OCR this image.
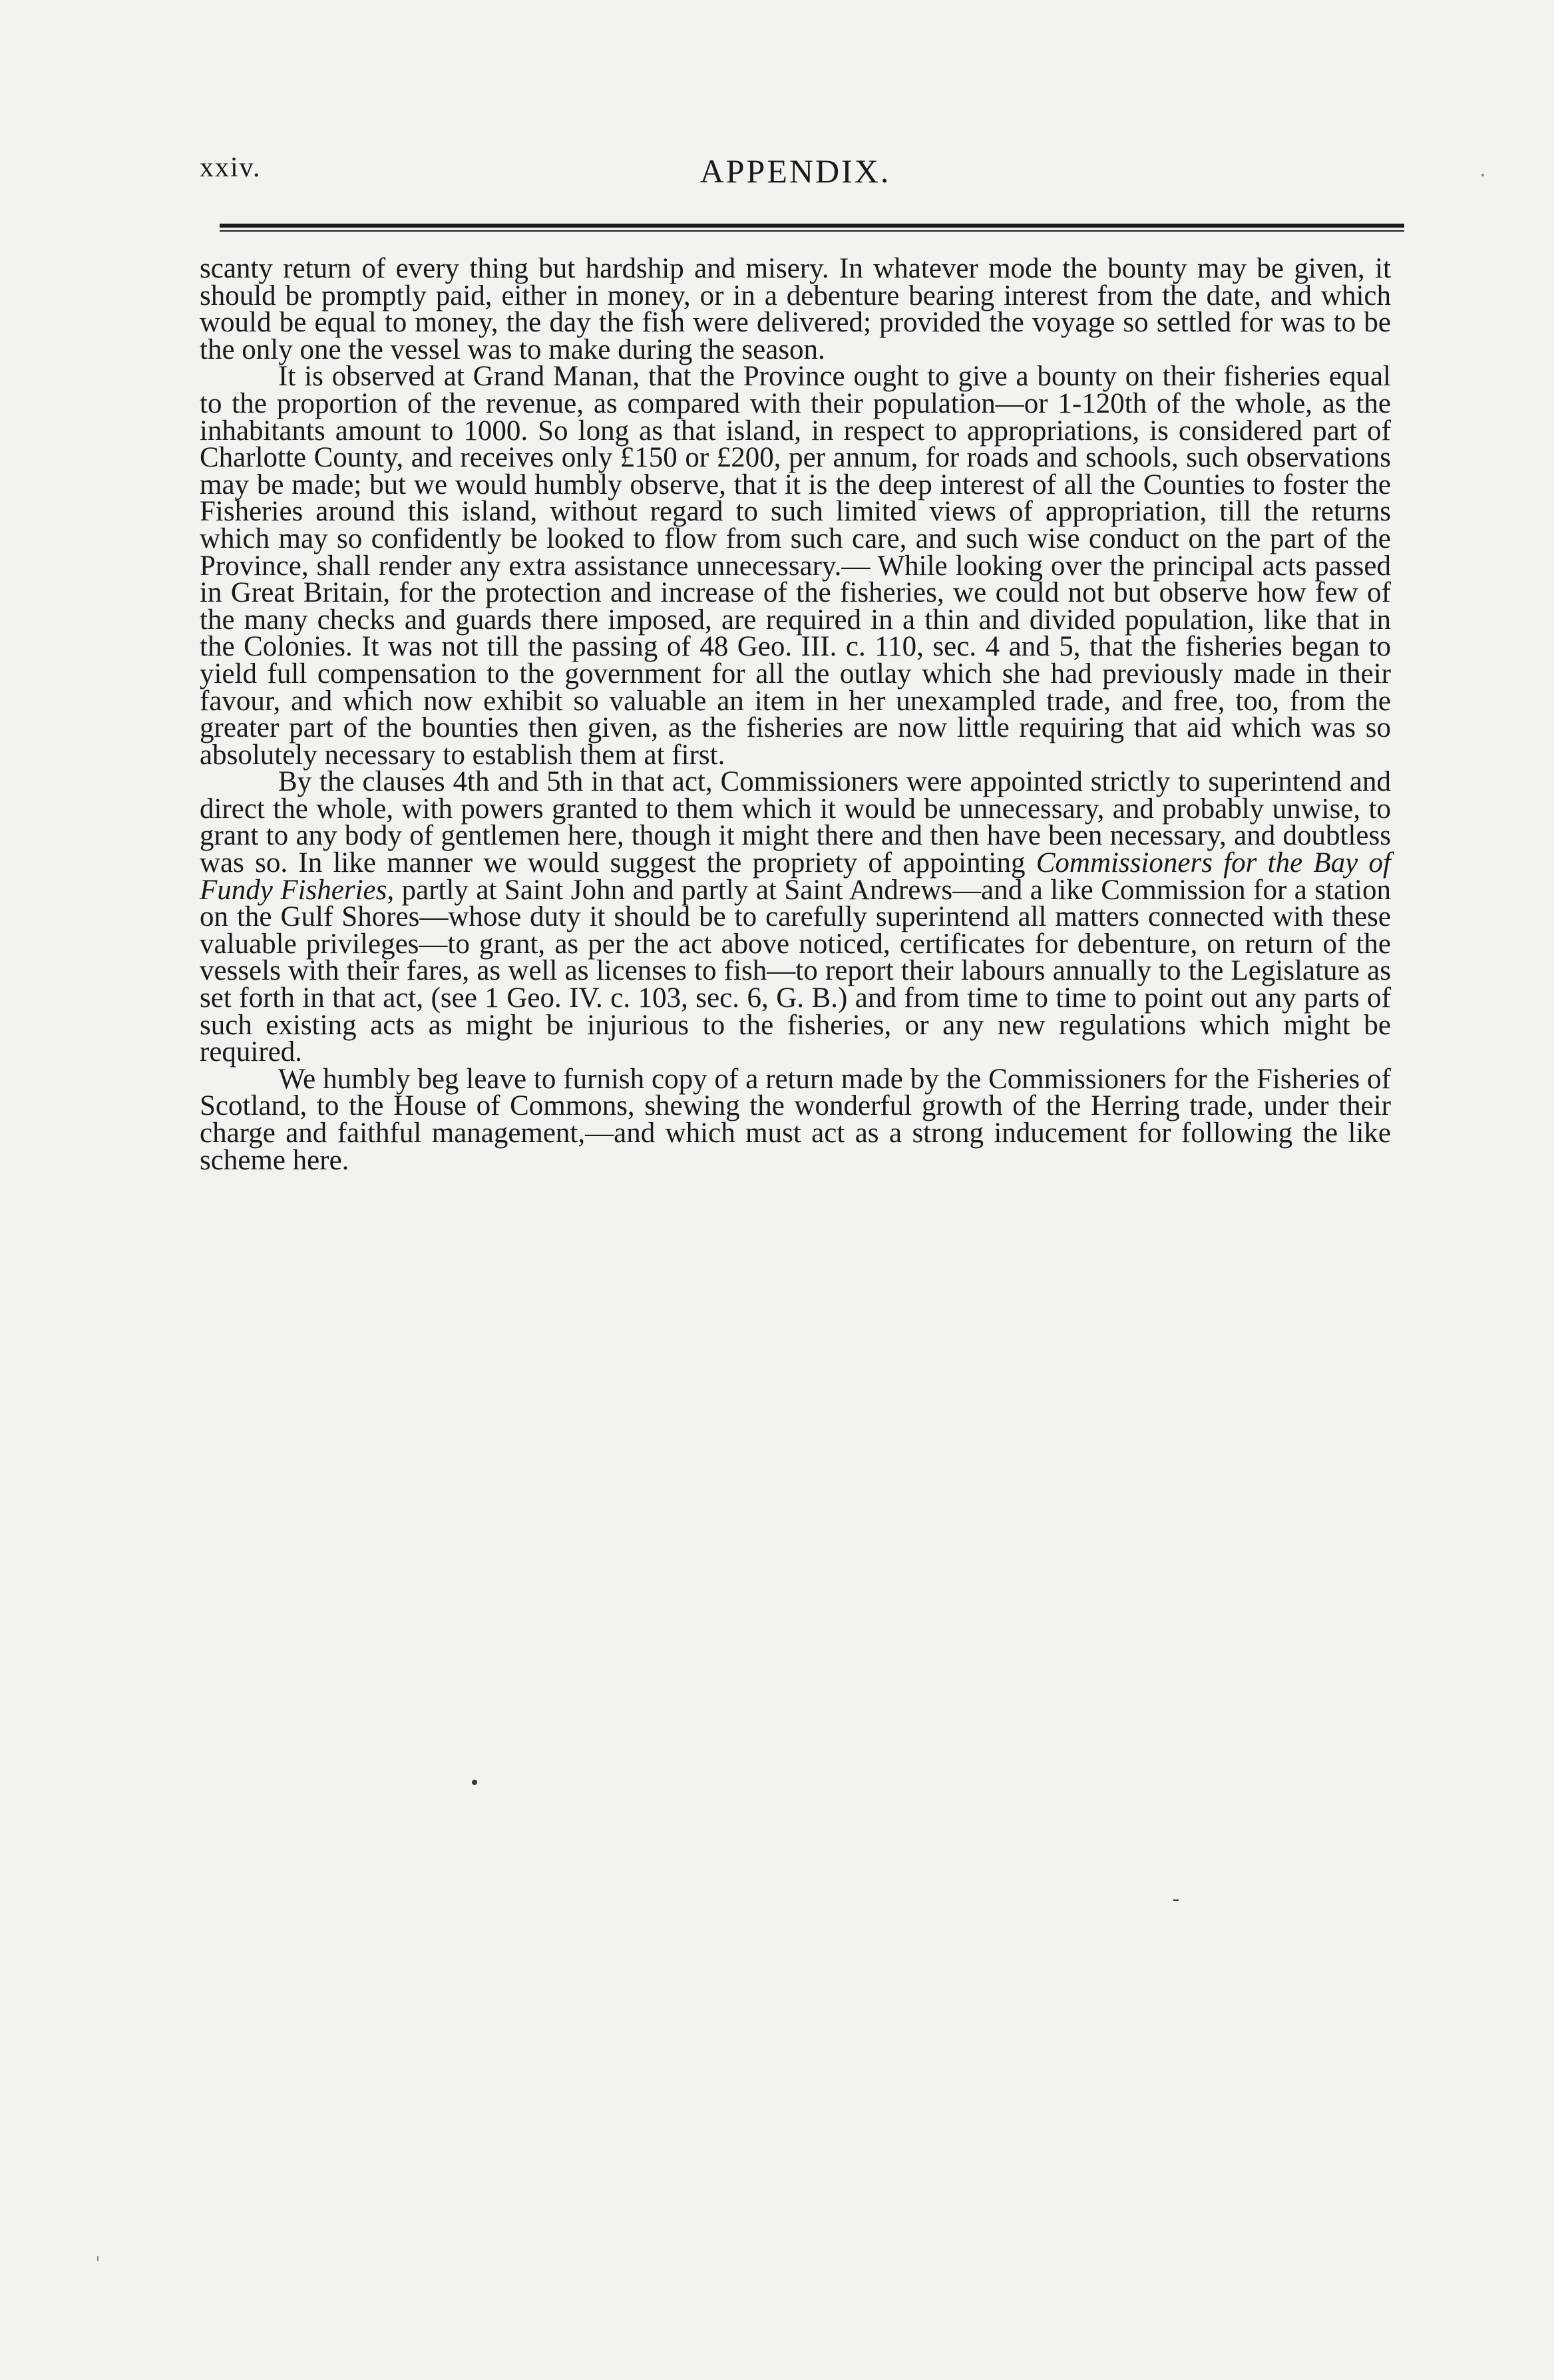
xxiv.	APPENDIX.

scanty return of every thing but hardship and misery. In whatever mode the bounty may be given, it should be promptly paid, either in money, or in a debenture bearing interest from the date, and which would be equal to money, the day the fish were delivered; provided the voyage so settled for was to be the only one the vessel was to make during the season.

It is observed at Grand Manan, that the Province ought to give a bounty on their fisheries equal to the proportion of the revenue, as compared with their population—or 1-120th of the whole, as the inhabitants amount to 1000. So long as that island, in respect to appropriations, is considered part of Charlotte County, and receives only £150 or £200, per annum, for roads and schools, such observations may be made; but we would humbly observe, that it is the deep interest of all the Counties to foster the Fisheries around this island, without regard to such limited views of appropriation, till the returns which may so confidently be looked to flow from such care, and such wise conduct on the part of the Province, shall render any extra assistance unnecessary.— While looking over the principal acts passed in Great Britain, for the protection and increase of the fisheries, we could not but observe how few of the many checks and guards there imposed, are required in a thin and divided population, like that in the Colonies. It was not till the passing of 48 Geo. III. c. 110, sec. 4 and 5, that the fisheries began to yield full compensation to the government for all the outlay which she had previously made in their favour, and which now exhibit so valuable an item in her unexampled trade, and free, too, from the greater part of the bounties then given, as the fisheries are now little requiring that aid which was so absolutely necessary to establish them at first.

By the clauses 4th and 5th in that act, Commissioners were appointed strictly to superintend and direct the whole, with powers granted to them which it would be unnecessary, and probably unwise, to grant to any body of gentlemen here, though it might there and then have been necessary, and doubtless was so. In like manner we would suggest the propriety of appointing Commissioners for the Bay of Fundy Fisheries, partly at Saint John and partly at Saint Andrews—and a like Commission for a station on the Gulf Shores—whose duty it should be to carefully superintend all matters connected with these valuable privileges—to grant, as per the act above noticed, certificates for debenture, on return of the vessels with their fares, as well as licenses to fish—to report their labours annually to the Legislature as set forth in that act, (see 1 Geo. IV. c. 103, sec. 6, G. B.) and from time to time to point out any parts of such existing acts as might be injurious to the fisheries, or any new regulations which might be required.

We humbly beg leave to furnish copy of a return made by the Commissioners for the Fisheries of Scotland, to the House of Commons, shewing the wonderful growth of the Herring trade, under their charge and faithful management,—and which must act as a strong inducement for following the like scheme here.
